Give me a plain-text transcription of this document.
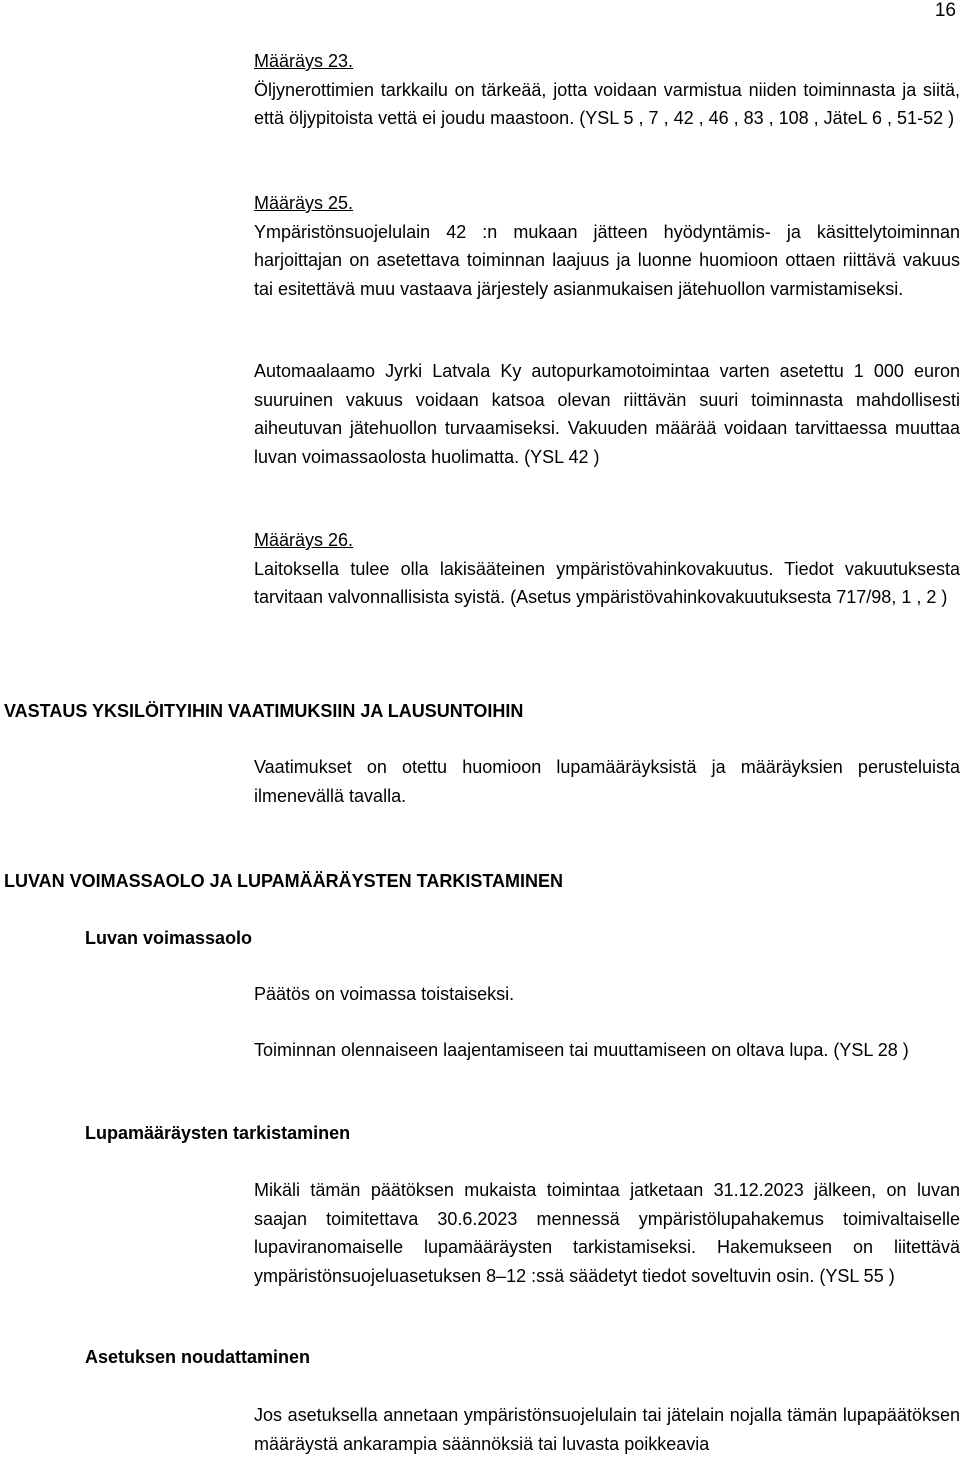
16

Määräys 23.

Öljynerottimien tarkkailu on tärkeää, jotta voidaan varmistua niiden toiminnasta ja siitä, että öljypitoista vettä ei joudu maastoon. (YSL 5 , 7 , 42 , 46 , 83 , 108 , JäteL 6 , 51-52 )

Määräys 25.

Ympäristönsuojelulain 42 :n mukaan jätteen hyödyntämis- ja käsittelytoiminnan harjoittajan on asetettava toiminnan laajuus ja luonne huomioon ottaen riittävä vakuus tai esitettävä muu vastaava järjestely asianmukaisen jätehuollon varmistamiseksi.

Automaalaamo Jyrki Latvala Ky autopurkamotoimintaa varten asetettu 1 000 euron suuruinen vakuus voidaan katsoa olevan riittävän suuri toiminnasta mahdollisesti aiheutuvan jätehuollon turvaamiseksi. Vakuuden määrää voidaan tarvittaessa muuttaa luvan voimassaolosta huolimatta. (YSL 42 )

Määräys 26.

Laitoksella tulee olla lakisääteinen ympäristövahinkovakuutus. Tiedot vakuutuksesta tarvitaan valvonnallisista syistä. (Asetus ympäristövahinkovakuutuksesta 717/98, 1 , 2 )

VASTAUS YKSILÖITYIHIN VAATIMUKSIIN JA LAUSUNTOIHIN

Vaatimukset on otettu huomioon lupamääräyksistä ja määräyksien perusteluista ilmenevällä tavalla.

LUVAN VOIMASSAOLO JA LUPAMÄÄRÄYSTEN TARKISTAMINEN
Luvan voimassaolo

Päätös on voimassa toistaiseksi.

Toiminnan olennaiseen laajentamiseen tai muuttamiseen on oltava lupa. (YSL 28 )

Lupamääräysten tarkistaminen

Mikäli tämän päätöksen mukaista toimintaa jatketaan 31.12.2023 jälkeen, on luvan saajan toimitettava 30.6.2023 mennessä ympäristölupahakemus toimivaltaiselle lupaviranomaiselle lupamääräysten tarkistamiseksi. Hakemukseen on liitettävä ympäristönsuojeluasetuksen 8–12 :ssä säädetyt tiedot soveltuvin osin. (YSL 55 )

Asetuksen noudattaminen

Jos asetuksella annetaan ympäristönsuojelulain tai jätelain nojalla tämän lupapäätöksen määräystä ankarampia säännöksiä tai luvasta poikkeavia
